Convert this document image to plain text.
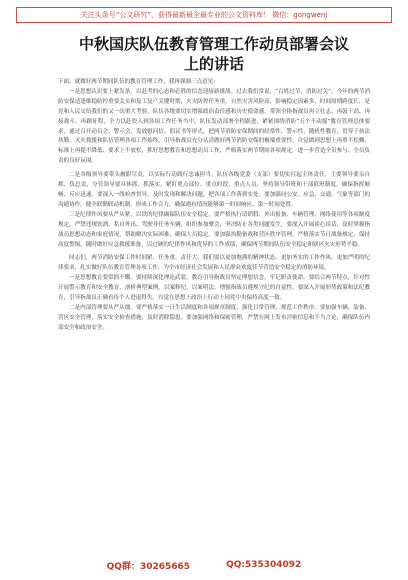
关注头条号“公文研究”，获得最新最全最专业的公文资料库！ 微信：gongwenj
中秋国庆队伍教育管理工作动员部署会议
上的讲话

下面，就做好两节期间队伍的教育管理工作，我再强调三点意见：

一是思想认识要上紧发条，以赶考的心态和必胜的信念迎接新挑战。过去我们常说，“百姓过节，消防过关”。今年的两节消防安保适逢维稳防控重要关头和复工复产关键时期，火灾防控任务重，自然灾害风险高，影响稳定因素多，时间周期跨度长，是党和人民交给我们的又一次重大考验。队伍各级要切实增强政治责任感和历史使命感，带领全体指战员再立壮志、再鼓干劲、再接战斗、再踢征程，全力以赴投入到各项工作任务当中，队伍发动部署全程跟进，紧紧围绕消防“五个不动摇”教育管理总体要求，通过召开动员会、警示会、发放慰问信、倡议书等形式，把两节消防安保期间的经常性、警示性、随机性教育，贯穿于执法执勤、灭火救援和队伍管理各项工作始终，引导指战员充分认清做好两节消防安保的极端重要性，自觉做到思想上再重不松懈、标准上再提不降低、要求上不放松，抓好思想教育和思想动员工作，严格落实两节期间各项规定，进一步营造全员参与、全员负责的良好氛围。

二是各级领导要带头履职尽责，以实际行动践行忠诚担当。队伍各级党委（支部）要切实扛起主体责任，主要领导要亲自抓、负总责，分管领导要具体抓、抓落实，紧盯重点部位、重点时段、重点人员，坚持领导带班和干部值班制度，确保指挥顺畅、反应迅速。要深入一线检查督导，及时发现和解决问题，把各项工作落到实处。要加强同公安、应急、交通、气象等部门的沟通协作，健全联勤联动机制，形成工作合力，确保遇有情况能够第一时间响应、第一时间处置。

三是纪律作风要从严从紧，以铁的纪律确保队伍安全稳定。要严格执行请销假、外出报备、车辆管理、网络使用等各项制度规定，严禁违规饮酒、私自外出、驾驶非任务车辆、组织参加聚会，坚决防止各类问题发生。要深入开展谈心谈话，及时掌握指战员思想动态和家庭情况，帮助解决实际困难，确保人员稳定。要加强执勤备战和营区秩序管理，严格落实节日战备规定，保持高度警惕，随时做好应急救援准备，以过硬的纪律作风和优异的工作成绩，确保两节期间队伍安全稳定和辖区火灾形势平稳。

同志们，两节消防安保工作时间紧、任务重、责任大，我们要以更加饱满的精神状态、更加务实的工作作风、更加严明的纪律要求，扎实做好队伍教育管理各项工作，为全市经济社会发展和人民群众欢度佳节营造安全稳定的消防环境。

一是思想教育要常抓不懈。要持续深化理论武装，教育引导指战员坚定理想信念，牢记职责使命。要结合两节特点，针对性开展警示教育和安全教育，剖析典型案例，以案释纪、以案明法，增强指战员遵规守纪的自觉性。要深入开展形势政策和法纪教育，引导指战员正确看待个人进退得失，自觉在思想上政治上行动上同党中央保持高度一致。

二是内部管理要从严从细。要严格落实一日生活制度和各项规章制度，强化日常管理，规范工作秩序。要加强车辆、装备、营区安全管理，落实安全检查措施，及时消除隐患。要加强网络和保密管理，严禁在网上发布涉密信息和不当言论，确保队伍内部安全和政治安全。

QQ群：30265665	QQ:535304092
